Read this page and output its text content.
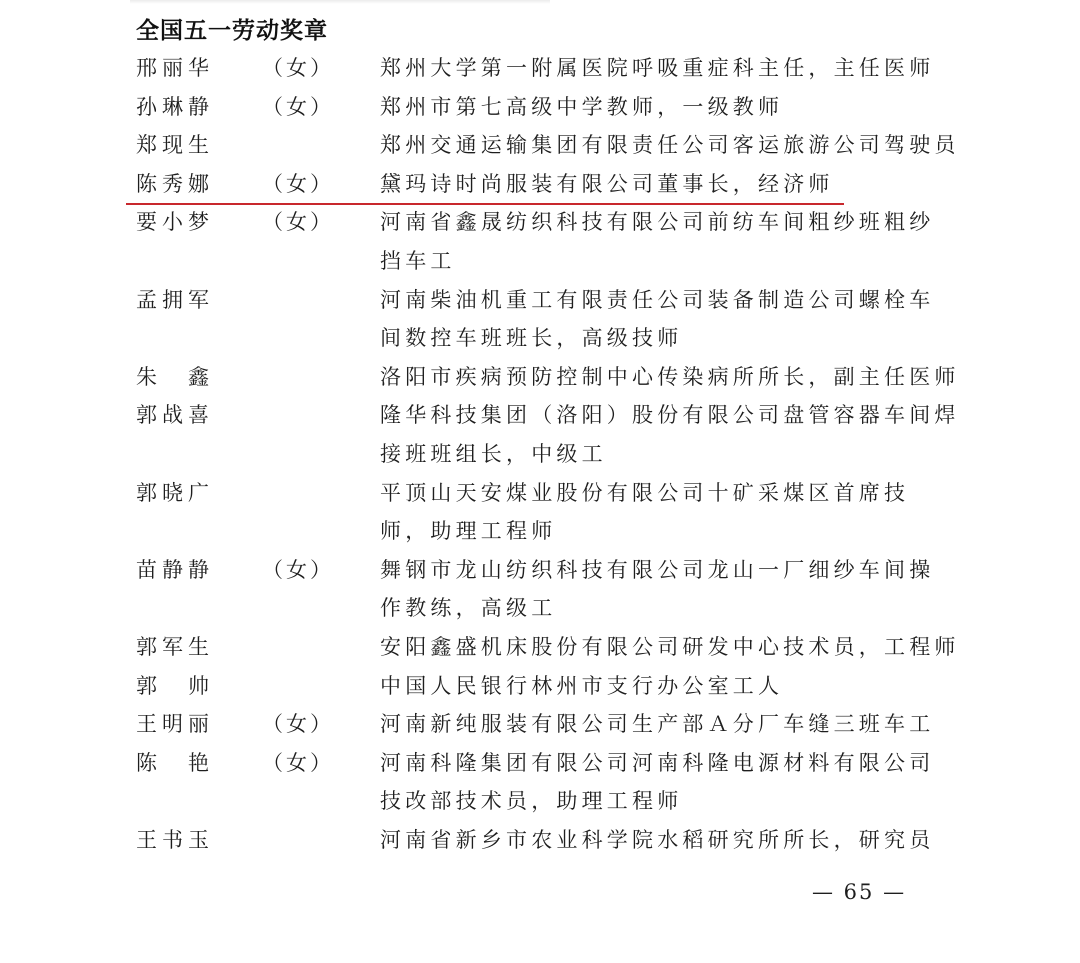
全国五一劳动奖章
邢丽华 （女） 郑州大学第一附属医院呼吸重症科主任，主任医师
孙琳静 （女） 郑州市第七高级中学教师，一级教师
郑现生	郑州交通运输集团有限责任公司客运旅游公司驾驶员
陈秀娜 （女） 黛玛诗时尚服装有限公司董事长，经济师
要小梦 （女） 河南省鑫晟纺织科技有限公司前纺车间粗纱班粗纱
挡车工
孟拥军	河南柴油机重工有限责任公司装备制造公司螺栓车
间数控车班班长，高级技师
朱　鑫	洛阳市疾病预防控制中心传染病所所长，副主任医师
郭战喜	隆华科技集团（洛阳）股份有限公司盘管容器车间焊
接班班组长，中级工
郭晓广	平顶山天安煤业股份有限公司十矿采煤区首席技
师，助理工程师
苗静静 （女） 舞钢市龙山纺织科技有限公司龙山一厂细纱车间操
作教练，高级工
郭军生	安阳鑫盛机床股份有限公司研发中心技术员，工程师
郭　帅	中国人民银行林州市支行办公室工人
王明丽 （女） 河南新纯服装有限公司生产部Ａ分厂车缝三班车工
陈　艳 （女） 河南科隆集团有限公司河南科隆电源材料有限公司
技改部技术员，助理工程师
王书玉	河南省新乡市农业科学院水稻研究所所长，研究员
— 65 —
